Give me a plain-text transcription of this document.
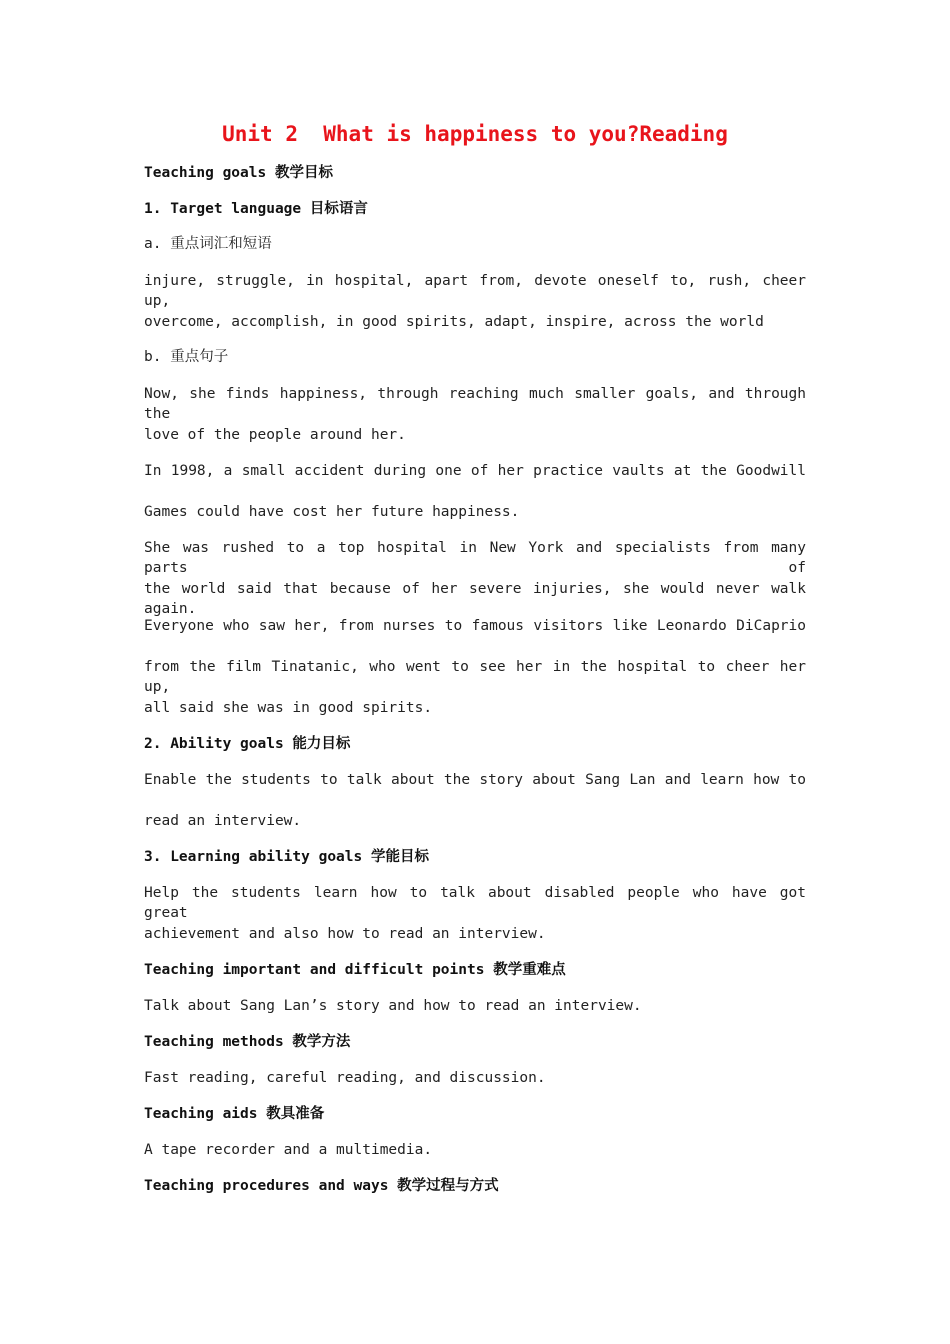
Unit 2  What is happiness to you?Reading
Teaching goals 教学目标
1. Target language 目标语言
a. 重点词汇和短语
injure, struggle, in hospital, apart from, devote oneself to, rush, cheer up,
overcome, accomplish, in good spirits, adapt, inspire, across the world
b. 重点句子
Now, she finds happiness, through reaching much smaller goals, and through the
love of the people around her.
In 1998, a small accident during one of her practice vaults at the Goodwill
Games could have cost her future happiness.
She was rushed to a top hospital in New York and specialists from many parts of
the world said that because of her severe injuries, she would never walk again.
Everyone who saw her, from nurses to famous visitors like Leonardo DiCaprio
from the film Tinatanic, who went to see her in the hospital to cheer her up,
all said she was in good spirits.
2. Ability goals 能力目标
Enable the students to talk about the story about Sang Lan and learn how to
read an interview.
3. Learning ability goals 学能目标
Help the students learn how to talk about disabled people who have got great
achievement and also how to read an interview.
Teaching important and difficult points 教学重难点
Talk about Sang Lan’s story and how to read an interview.
Teaching methods 教学方法
Fast reading, careful reading, and discussion.
Teaching aids 教具准备
A tape recorder and a multimedia.
Teaching procedures and ways 教学过程与方式
